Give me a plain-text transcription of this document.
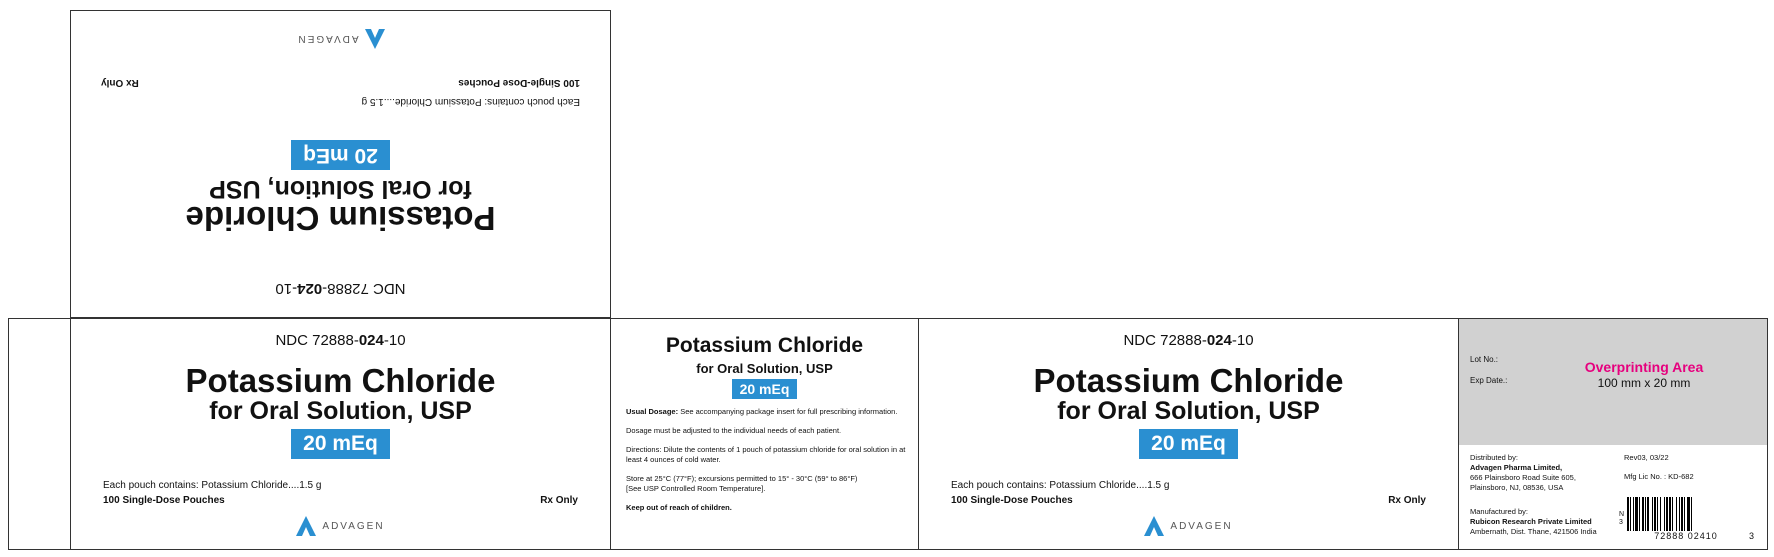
NDC 72888-024-10
Potassium Chloride
for Oral Solution, USP
20 mEq
Each pouch contains: Potassium Chloride....1.5 g
100 Single-Dose Pouches
Rx Only
ADVAGEN
NDC 72888-024-10
Potassium Chloride
for Oral Solution, USP
20 mEq
Each pouch contains: Potassium Chloride....1.5 g
100 Single-Dose Pouches	Rx Only
ADVAGEN
Potassium Chloride
for Oral Solution, USP
20 mEq
Usual Dosage: See accompanying package insert for full prescribing information.
Dosage must be adjusted to the individual needs of each patient.
Directions: Dilute the contents of 1 pouch of potassium chloride for oral solution in at least 4 ounces of cold water.
Store at 25°C (77°F); excursions permitted to 15° - 30°C (59° to 86°F)
[See USP Controlled Room Temperature].
Keep out of reach of children.
NDC 72888-024-10
Potassium Chloride
for Oral Solution, USP
20 mEq
Each pouch contains: Potassium Chloride....1.5 g
100 Single-Dose Pouches	Rx Only
ADVAGEN
Lot No.:
Exp Date.:
Overprinting Area
100 mm x 20 mm
Distributed by:
Advagen Pharma Limited,
666 Plainsboro Road Suite 605,
Plainsboro, NJ, 08536, USA
Rev03, 03/22
Mfg Lic No. : KD-682
Manufactured by:
Rubicon Research Private Limited
Ambernath, Dist. Thane, 421506 India
N
3
72888 02410	3
